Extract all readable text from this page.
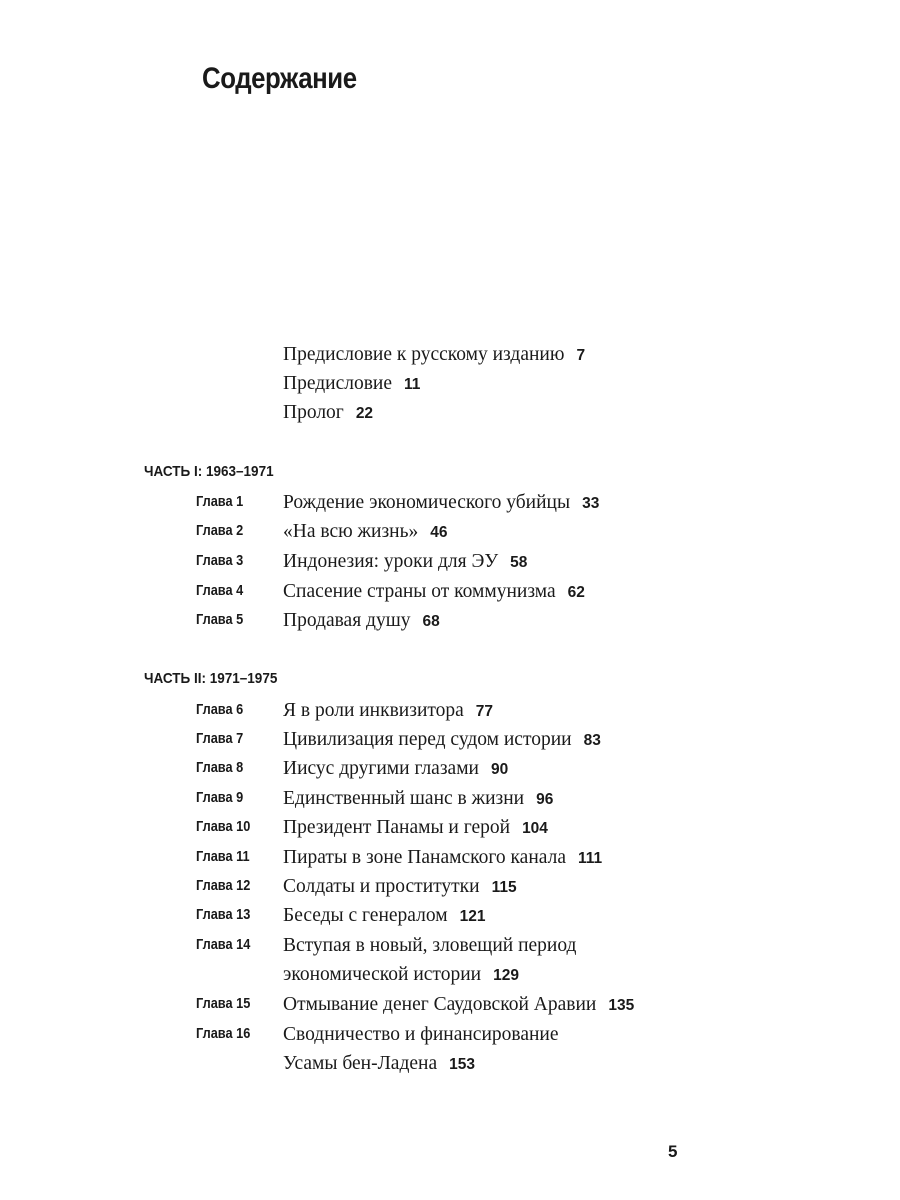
Содержание
Предисловие к русскому изданию 7
Предисловие 11
Пролог 22
ЧАСТЬ I: 1963–1971
Глава 1 Рождение экономического убийцы 33
Глава 2 «На всю жизнь» 46
Глава 3 Индонезия: уроки для ЭУ 58
Глава 4 Спасение страны от коммунизма 62
Глава 5 Продавая душу 68
ЧАСТЬ II: 1971–1975
Глава 6 Я в роли инквизитора 77
Глава 7 Цивилизация перед судом истории 83
Глава 8 Иисус другими глазами 90
Глава 9 Единственный шанс в жизни 96
Глава 10 Президент Панамы и герой 104
Глава 11 Пираты в зоне Панамского канала 111
Глава 12 Солдаты и проститутки 115
Глава 13 Беседы с генералом 121
Глава 14 Вступая в новый, зловещий период
экономической истории 129
Глава 15 Отмывание денег Саудовской Аравии 135
Глава 16 Сводничество и финансирование
Усамы бен-Ладена 153
5
